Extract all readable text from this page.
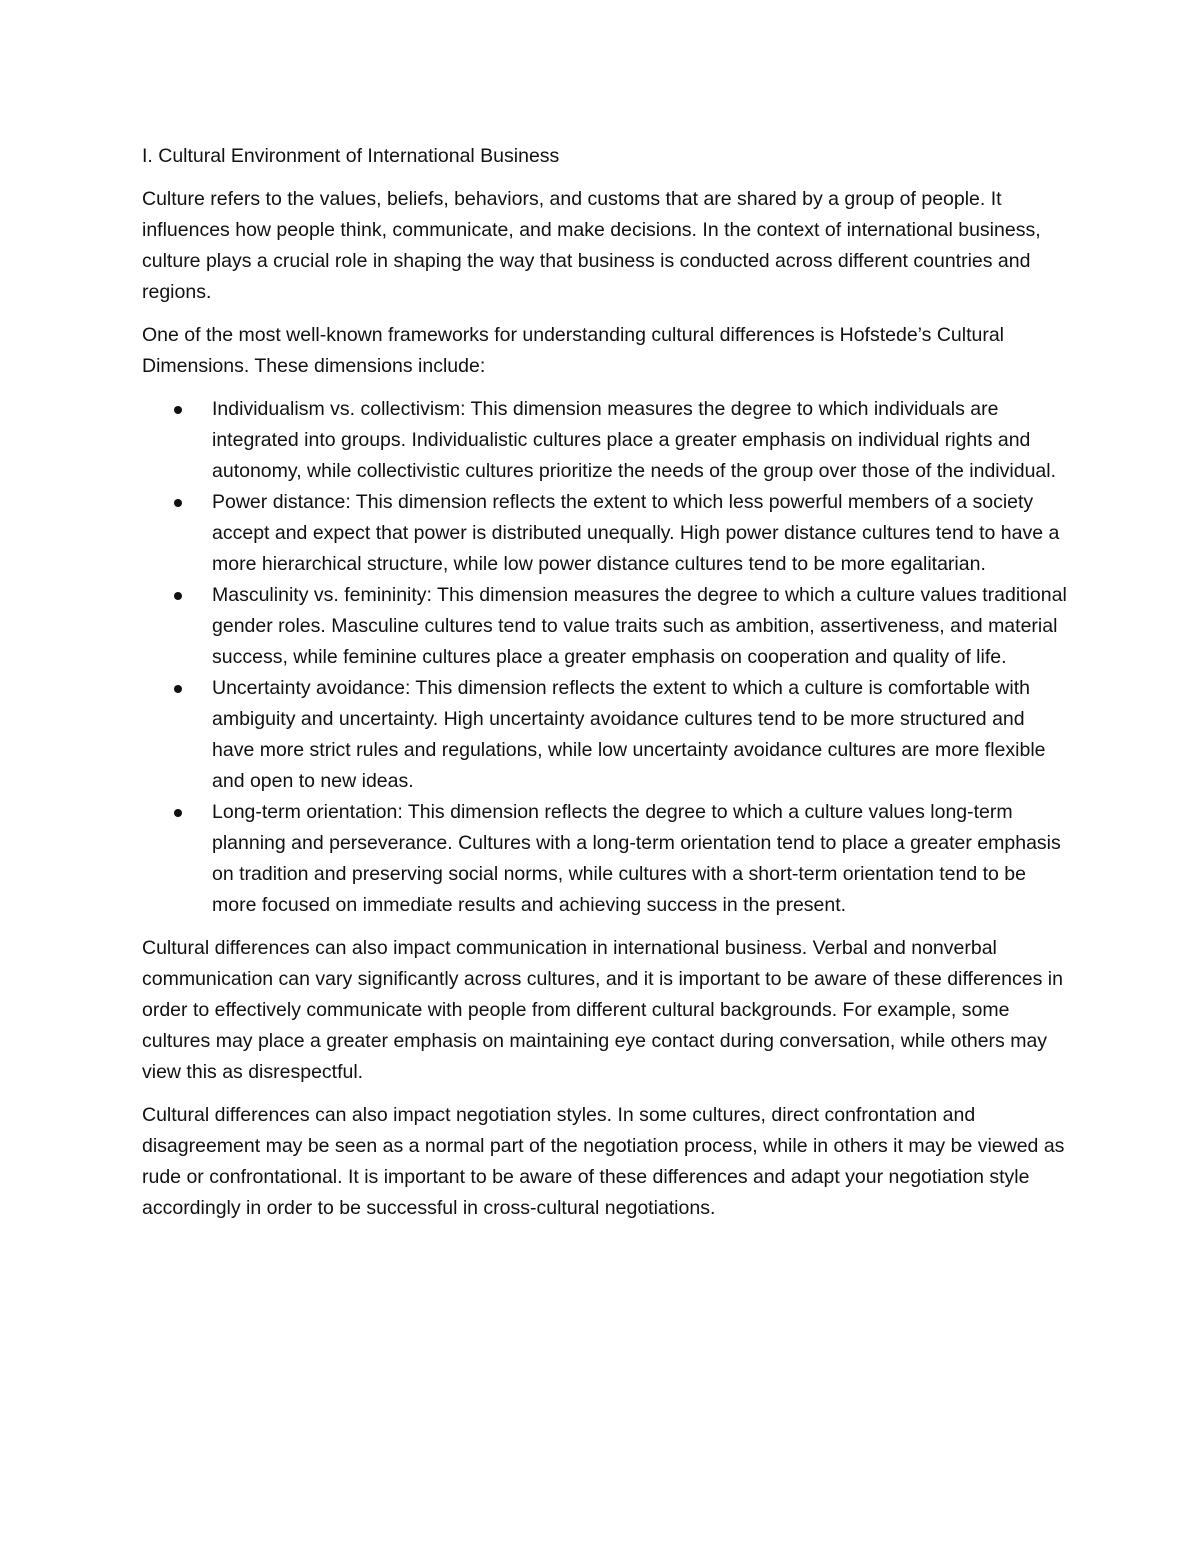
I. Cultural Environment of International Business

Culture refers to the values, beliefs, behaviors, and customs that are shared by a group of people. It influences how people think, communicate, and make decisions. In the context of international business, culture plays a crucial role in shaping the way that business is conducted across different countries and regions.

One of the most well-known frameworks for understanding cultural differences is Hofstede’s Cultural Dimensions. These dimensions include:

Individualism vs. collectivism: This dimension measures the degree to which individuals are integrated into groups. Individualistic cultures place a greater emphasis on individual rights and autonomy, while collectivistic cultures prioritize the needs of the group over those of the individual.
Power distance: This dimension reflects the extent to which less powerful members of a society accept and expect that power is distributed unequally. High power distance cultures tend to have a more hierarchical structure, while low power distance cultures tend to be more egalitarian.
Masculinity vs. femininity: This dimension measures the degree to which a culture values traditional gender roles. Masculine cultures tend to value traits such as ambition, assertiveness, and material success, while feminine cultures place a greater emphasis on cooperation and quality of life.
Uncertainty avoidance: This dimension reflects the extent to which a culture is comfortable with ambiguity and uncertainty. High uncertainty avoidance cultures tend to be more structured and have more strict rules and regulations, while low uncertainty avoidance cultures are more flexible and open to new ideas.
Long-term orientation: This dimension reflects the degree to which a culture values long-term planning and perseverance. Cultures with a long-term orientation tend to place a greater emphasis on tradition and preserving social norms, while cultures with a short-term orientation tend to be more focused on immediate results and achieving success in the present.

Cultural differences can also impact communication in international business. Verbal and nonverbal communication can vary significantly across cultures, and it is important to be aware of these differences in order to effectively communicate with people from different cultural backgrounds. For example, some cultures may place a greater emphasis on maintaining eye contact during conversation, while others may view this as disrespectful.

Cultural differences can also impact negotiation styles. In some cultures, direct confrontation and disagreement may be seen as a normal part of the negotiation process, while in others it may be viewed as rude or confrontational. It is important to be aware of these differences and adapt your negotiation style accordingly in order to be successful in cross-cultural negotiations.
